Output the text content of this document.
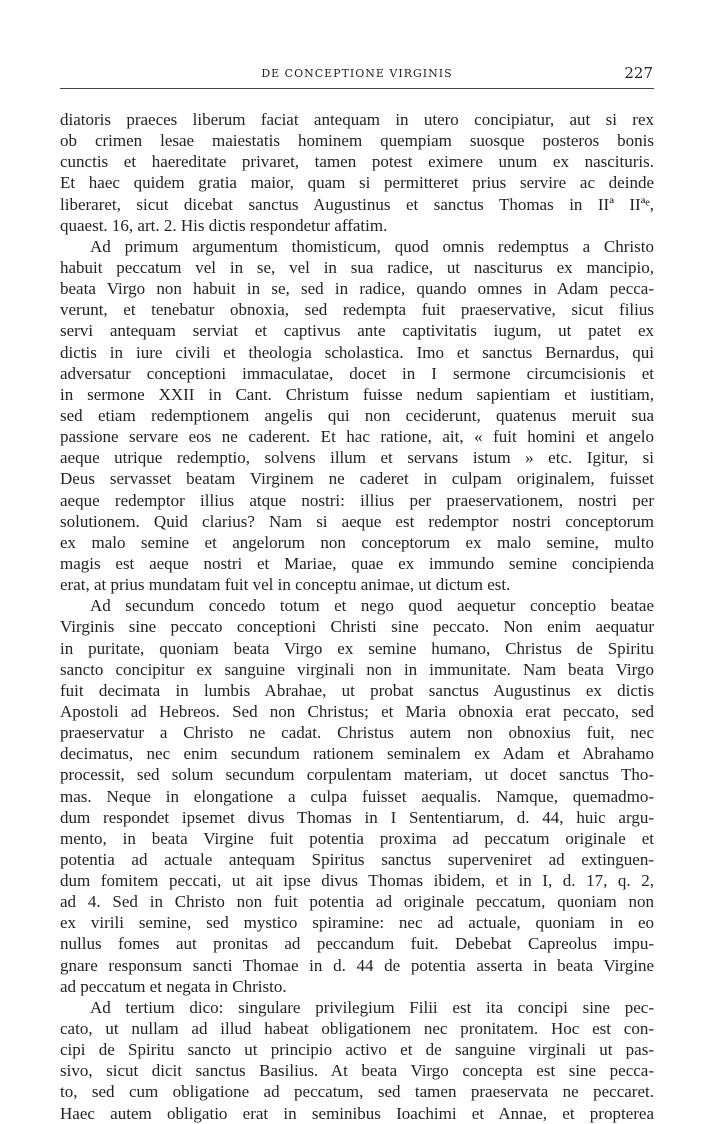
DE CONCEPTIONE VIRGINIS	227
diatoris praeces liberum faciat antequam in utero concipiatur, aut si rex
ob crimen lesae maiestatis hominem quempiam suosque posteros bonis
cunctis et haereditate privaret, tamen potest eximere unum ex nascituris.
Et haec quidem gratia maior, quam si permitteret prius servire ac deinde
liberaret, sicut dicebat sanctus Augustinus et sanctus Thomas in IIª IIªᵉ,
quaest. 16, art. 2. His dictis respondetur affatim.
Ad primum argumentum thomisticum, quod omnis redemptus a Christo
habuit peccatum vel in se, vel in sua radice, ut nasciturus ex mancipio,
beata Virgo non habuit in se, sed in radice, quando omnes in Adam pecca-
verunt, et tenebatur obnoxia, sed redempta fuit praeservative, sicut filius
servi antequam serviat et captivus ante captivitatis iugum, ut patet ex
dictis in iure civili et theologia scholastica. Imo et sanctus Bernardus, qui
adversatur conceptioni immaculatae, docet in I sermone circumcisionis et
in sermone XXII in Cant. Christum fuisse nedum sapientiam et iustitiam,
sed etiam redemptionem angelis qui non ceciderunt, quatenus meruit sua
passione servare eos ne caderent. Et hac ratione, ait, « fuit homini et angelo
aeque utrique redemptio, solvens illum et servans istum » etc. Igitur, si
Deus servasset beatam Virginem ne caderet in culpam originalem, fuisset
aeque redemptor illius atque nostri: illius per praeservationem, nostri per
solutionem. Quid clarius? Nam si aeque est redemptor nostri conceptorum
ex malo semine et angelorum non conceptorum ex malo semine, multo
magis est aeque nostri et Mariae, quae ex immundo semine concipienda
erat, at prius mundatam fuit vel in conceptu animae, ut dictum est.
Ad secundum concedo totum et nego quod aequetur conceptio beatae
Virginis sine peccato conceptioni Christi sine peccato. Non enim aequatur
in puritate, quoniam beata Virgo ex semine humano, Christus de Spiritu
sancto concipitur ex sanguine virginali non in immunitate. Nam beata Virgo
fuit decimata in lumbis Abrahae, ut probat sanctus Augustinus ex dictis
Apostoli ad Hebreos. Sed non Christus; et Maria obnoxia erat peccato, sed
praeservatur a Christo ne cadat. Christus autem non obnoxius fuit, nec
decimatus, nec enim secundum rationem seminalem ex Adam et Abrahamo
processit, sed solum secundum corpulentam materiam, ut docet sanctus Tho-
mas. Neque in elongatione a culpa fuisset aequalis. Namque, quemadmo-
dum respondet ipsemet divus Thomas in I Sententiarum, d. 44, huic argu-
mento, in beata Virgine fuit potentia proxima ad peccatum originale et
potentia ad actuale antequam Spiritus sanctus superveniret ad extinguen-
dum fomitem peccati, ut ait ipse divus Thomas ibidem, et in I, d. 17, q. 2,
ad 4. Sed in Christo non fuit potentia ad originale peccatum, quoniam non
ex virili semine, sed mystico spiramine: nec ad actuale, quoniam in eo
nullus fomes aut pronitas ad peccandum fuit. Debebat Capreolus impu-
gnare responsum sancti Thomae in d. 44 de potentia asserta in beata Virgine
ad peccatum et negata in Christo.
Ad tertium dico: singulare privilegium Filii est ita concipi sine pec-
cato, ut nullam ad illud habeat obligationem nec pronitatem. Hoc est con-
cipi de Spiritu sancto ut principio activo et de sanguine virginali ut pas-
sivo, sicut dicit sanctus Basilius. At beata Virgo concepta est sine pecca-
to, sed cum obligatione ad peccatum, sed tamen praeservata ne peccaret.
Haec autem obligatio erat in seminibus Ioachimi et Annae, et propterea
